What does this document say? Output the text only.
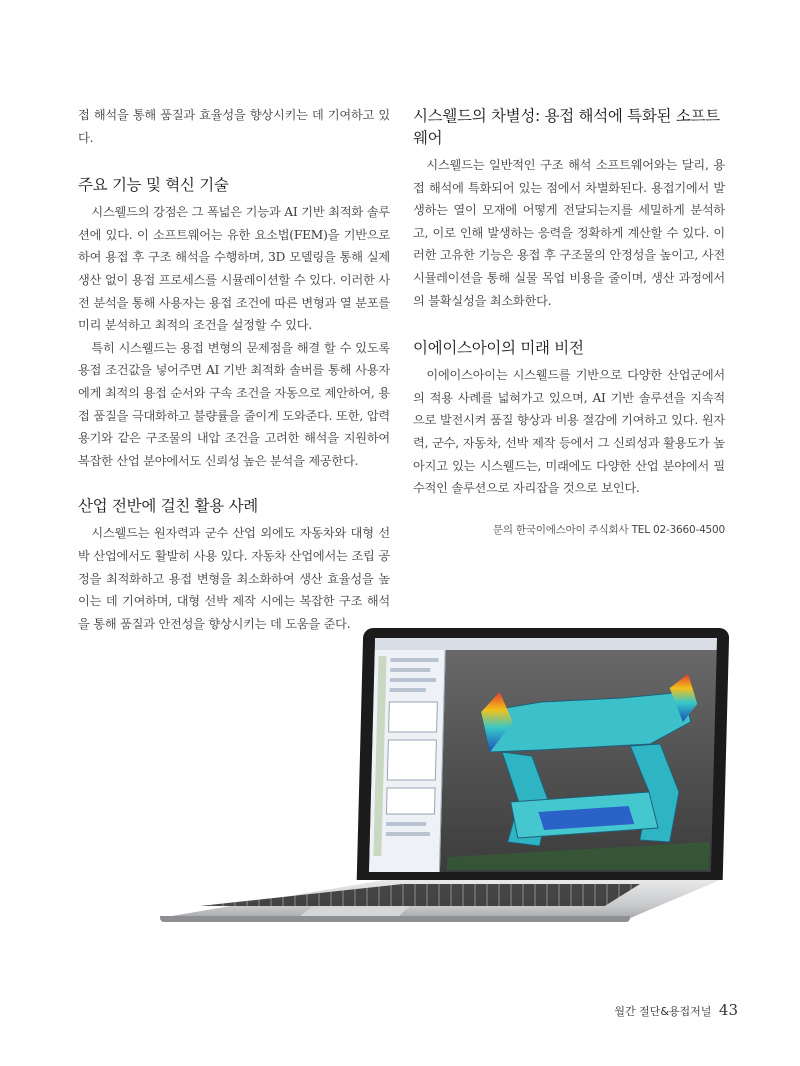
접 해석을 통해 품질과 효율성을 향상시키는 데 기여하고 있다.

주요 기능 및 혁신 기술

시스웰드의 강점은 그 폭넓은 기능과 AI 기반 최적화 솔루션에 있다. 이 소프트웨어는 유한 요소법(FEM)을 기반으로 하여 용접 후 구조 해석을 수행하며, 3D 모델링을 통해 실제 생산 없이 용접 프로세스를 시뮬레이션할 수 있다. 이러한 사전 분석을 통해 사용자는 용접 조건에 따른 변형과 열 분포를 미리 분석하고 최적의 조건을 설정할 수 있다.

특히 시스웰드는 용접 변형의 문제점을 해결 할 수 있도록 용접 조건값을 넣어주면 AI 기반 최적화 솔버를 통해 사용자에게 최적의 용접 순서와 구속 조건을 자동으로 제안하여, 용접 품질을 극대화하고 불량률을 줄이게 도와준다. 또한, 압력 용기와 같은 구조물의 내압 조건을 고려한 해석을 지원하여 복잡한 산업 분야에서도 신뢰성 높은 분석을 제공한다.

산업 전반에 걸친 활용 사례

시스웰드는 원자력과 군수 산업 외에도 자동차와 대형 선박 산업에서도 활발히 사용 있다. 자동차 산업에서는 조립 공정을 최적화하고 용접 변형을 최소화하여 생산 효율성을 높이는 데 기여하며, 대형 선박 제작 시에는 복잡한 구조 해석을 통해 품질과 안전성을 향상시키는 데 도움을 준다.

시스웰드의 차별성: 용접 해석에 특화된 소프트웨어

시스웰드는 일반적인 구조 해석 소프트웨어와는 달리, 용접 해석에 특화되어 있는 점에서 차별화된다. 용접기에서 발생하는 열이 모재에 어떻게 전달되는지를 세밀하게 분석하고, 이로 인해 발생하는 응력을 정확하게 계산할 수 있다. 이러한 고유한 기능은 용접 후 구조물의 안정성을 높이고, 사전 시뮬레이션을 통해 실물 목업 비용을 줄이며, 생산 과정에서의 불확실성을 최소화한다.

이에이스아이의 미래 비전

이에이스아이는 시스웰드를 기반으로 다양한 산업군에서의 적용 사례를 넓혀가고 있으며, AI 기반 솔루션을 지속적으로 발전시켜 품질 향상과 비용 절감에 기여하고 있다. 원자력, 군수, 자동차, 선박 제작 등에서 그 신뢰성과 활용도가 높아지고 있는 시스웰드는, 미래에도 다양한 산업 분야에서 필수적인 솔루션으로 자리잡을 것으로 보인다.

문의 한국이에스아이 주식회사 TEL 02-3660-4500
월간 절단&용접저널 43
